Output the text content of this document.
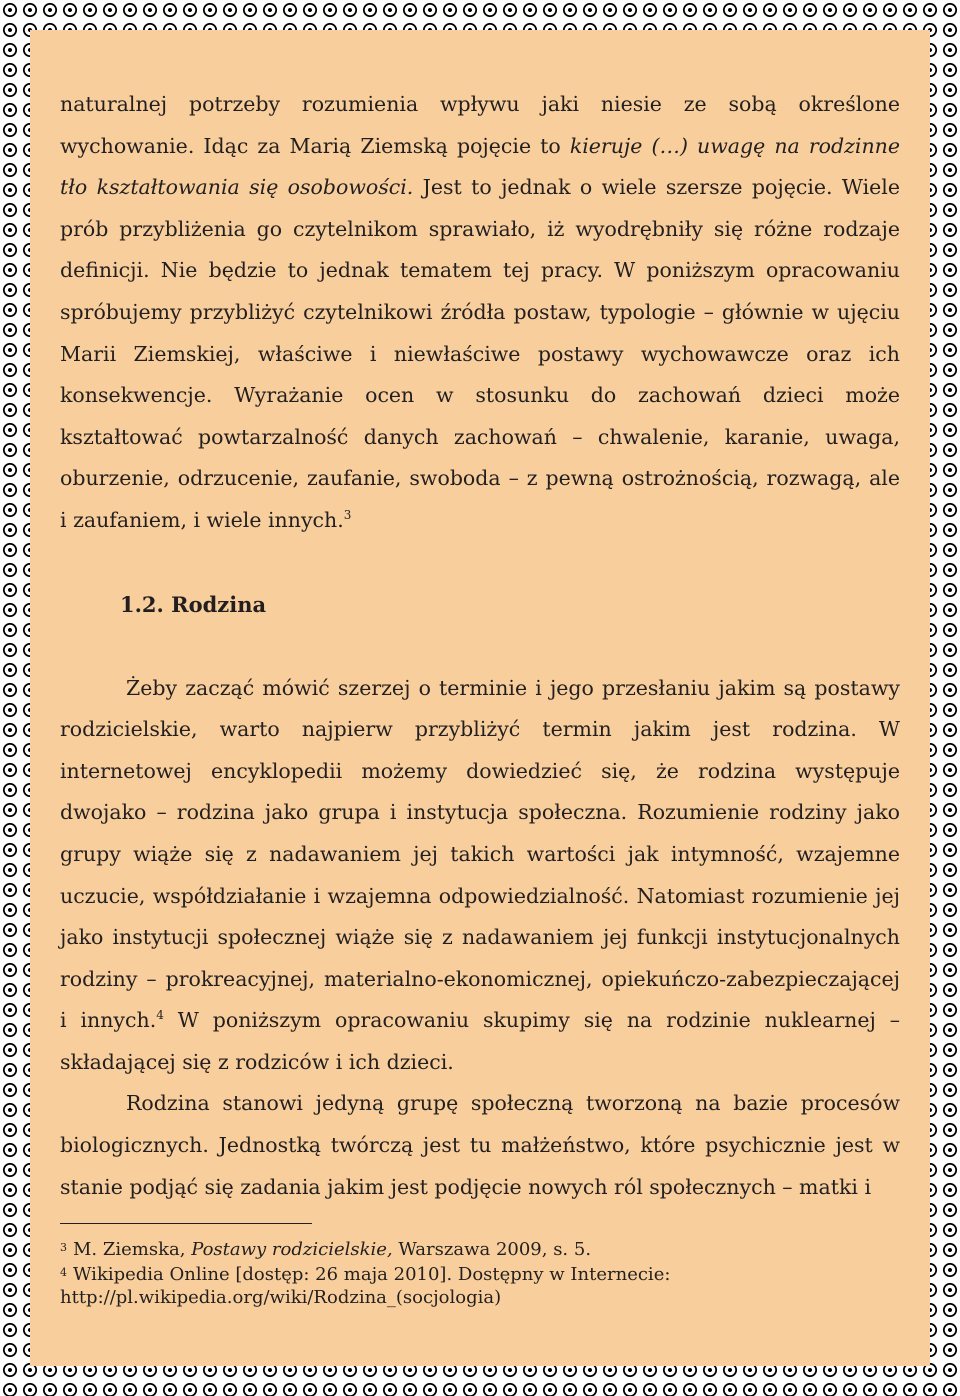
naturalnej potrzeby rozumienia wpływu jaki niesie ze sobą określone wychowanie. Idąc za Marią Ziemską pojęcie to kieruje (…) uwagę na rodzinne tło kształtowania się osobowości. Jest to jednak o wiele szersze pojęcie. Wiele prób przybliżenia go czytelnikom sprawiało, iż wyodrębniły się różne rodzaje definicji. Nie będzie to jednak tematem tej pracy. W poniższym opracowaniu spróbujemy przybliżyć czytelnikowi źródła postaw, typologie – głównie w ujęciu Marii Ziemskiej, właściwe i niewłaściwe postawy wychowawcze oraz ich konsekwencje. Wyrażanie ocen w stosunku do zachowań dzieci może kształtować powtarzalność danych zachowań – chwalenie, karanie, uwaga, oburzenie, odrzucenie, zaufanie, swoboda – z pewną ostrożnością, rozwagą, ale i zaufaniem, i wiele innych.$^3$

1.2. Rodzina

Żeby zacząć mówić szerzej o terminie i jego przesłaniu jakim są postawy rodzicielskie, warto najpierw przybliżyć termin jakim jest rodzina. W internetowej encyklopedii możemy dowiedzieć się, że rodzina występuje dwojako – rodzina jako grupa i instytucja społeczna. Rozumienie rodziny jako grupy wiąże się z nadawaniem jej takich wartości jak intymność, wzajemne uczucie, współdziałanie i wzajemna odpowiedzialność. Natomiast rozumienie jej jako instytucji społecznej wiąże się z nadawaniem jej funkcji instytucjonalnych rodziny – prokreacyjnej, materialno-ekonomicznej, opiekuńczo-zabezpieczającej i innych.$^4$ W poniższym opracowaniu skupimy się na rodzinie nuklearnej – składającej się z rodziców i ich dzieci.

Rodzina stanowi jedyną grupę społeczną tworzoną na bazie procesów biologicznych. Jednostką twórczą jest tu małżeństwo, które psychicznie jest w stanie podjąć się zadania jakim jest podjęcie nowych ról społecznych – matki i

$^3$ M. Ziemska, Postawy rodzicielskie, Warszawa 2009, s. 5.

$^4$ Wikipedia Online [dostęp: 26 maja 2010]. Dostępny w Internecie: http://pl.wikipedia.org/wiki/Rodzina_(socjologia)
